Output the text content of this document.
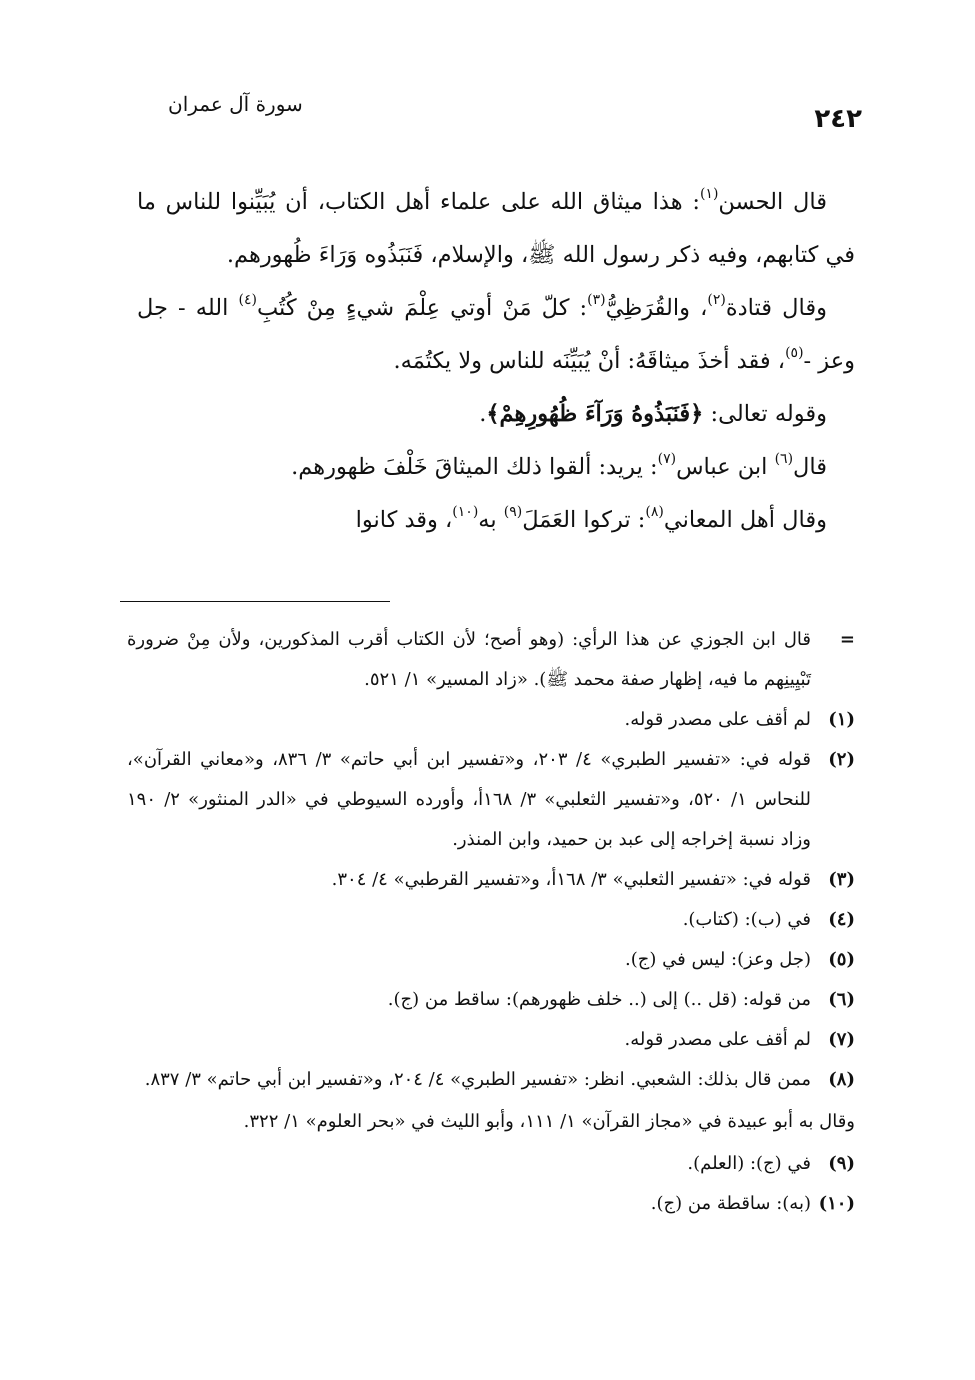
٢٤٢
سورة آل عمران

قال الحسن$^{(١)}$: هذا ميثاق الله على علماء أهل الكتاب، أن يُبَيِّنوا للناس ما في كتابهم، وفيه ذكر رسول الله ﷺ، والإسلام، فَنَبَذُوه وَرَاءَ ظُهورهم.

وقال قتادة$^{(٢)}$، والقُرَظِيُّ$^{(٣)}$: كلّ مَنْ أوتي عِلْمَ شيءٍ مِنْ كُتُبِ$^{(٤)}$ الله - جل وعز -$^{(٥)}$، فقد أخذَ ميثاقَهُ: أنْ يُبَيِّنَه للناس ولا يكتُمَه.

وقوله تعالى: ﴿فَنَبَذُوهُ وَرَآءَ ظُهُورِهِمْ﴾.

قال$^{(٦)}$ ابن عباس$^{(٧)}$: يريد: ألقوا ذلك الميثاقَ خَلْفَ ظهورهم.

وقال أهل المعاني$^{(٨)}$: تركوا العَمَلَ$^{(٩)}$ به$^{(١٠)}$، وقد كانوا

=
قال ابن الجوزي عن هذا الرأي: (وهو أصح؛ لأن الكتاب أقرب المذكورين، ولأن مِنْ ضرورة تَبْيِينِهم ما فيه، إظهار صفة محمد ﷺ). «زاد المسير» ١/ ٥٢١.
(١)
لم أقف على مصدر قوله.
(٢)
قوله في: «تفسير الطبري» ٤/ ٢٠٣، و«تفسير ابن أبي حاتم» ٣/ ٨٣٦، و«معاني القرآن»، للنحاس ١/ ٥٢٠، و«تفسير الثعلبي» ٣/ ١٦٨أ، وأورده السيوطي في «الدر المنثور» ٢/ ١٩٠ وزاد نسبة إخراجه إلى عبد بن حميد، وابن المنذر.
(٣)
قوله في: «تفسير الثعلبي» ٣/ ١٦٨أ، و«تفسير القرطبي» ٤/ ٣٠٤.
(٤)
في (ب): (كتاب).
(٥)
(جل وعز): ليس في (ج).
(٦)
من قوله: (قل ..) إلى (.. خلف ظهورهم): ساقط من (ج).
(٧)
لم أقف على مصدر قوله.
(٨)
ممن قال بذلك: الشعبي. انظر: «تفسير الطبري» ٤/ ٢٠٤، و«تفسير ابن أبي حاتم» ٣/ ٨٣٧.
وقال به أبو عبيدة في «مجاز القرآن» ١/ ١١١، وأبو الليث في «بحر العلوم» ١/ ٣٢٢.
(٩)
في (ج): (العلم).
(١٠)
(به): ساقطة من (ج).
